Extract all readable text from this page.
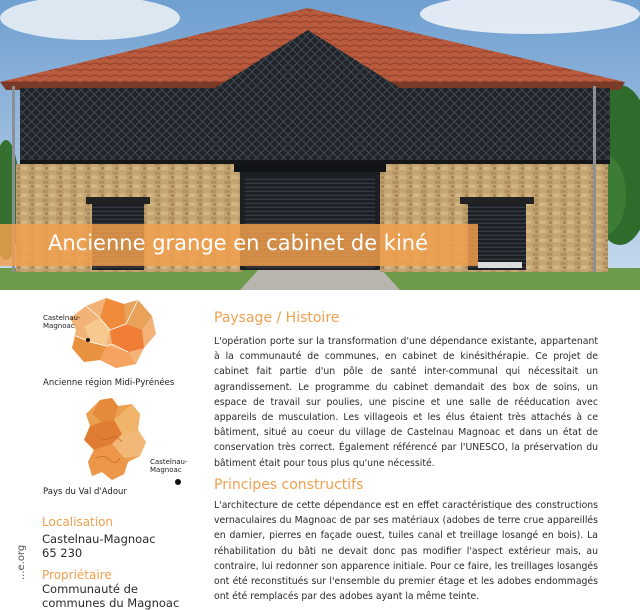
Ancienne grange en cabinet de kiné
Castelnau-
Magnoac
Ancienne région Midi-Pyrénées
Castelnau-
Magnoac
Pays du Val d'Adour
Localisation
Castelnau-Magnoac
65 230
Propriétaire
Communauté de
communes du Magnoac
...e.org
Paysage / Histoire

L'opération porte sur la transformation d'une dépendance existante, appartenant à la communauté de communes, en cabinet de kinésithérapie. Ce projet de cabinet fait partie d'un pôle de santé inter-communal qui nécessitait un agrandissement. Le programme du cabinet demandait des box de soins, un espace de travail sur poulies, une piscine et une salle de rééducation avec appareils de musculation. Les villageois et les élus étaient très attachés à ce bâtiment, situé au coeur du village de Castelnau Magnoac et dans un état de conservation très correct. Également référencé par l'UNESCO, la préservation du bâtiment était pour tous plus qu'une nécessité.

Principes constructifs

L'architecture de cette dépendance est en effet caractéristique des constructions vernaculaires du Magnoac de par ses matériaux (adobes de terre crue appareillés en damier, pierres en façade ouest, tuiles canal et treillage losangé en bois). La réhabilitation du bâti ne devait donc pas modifier l'aspect extérieur mais, au contraire, lui redonner son apparence initiale. Pour ce faire, les treillages losangés ont été reconstitués sur l'ensemble du premier étage et les adobes endommagés ont été remplacés par des adobes ayant la même teinte.
